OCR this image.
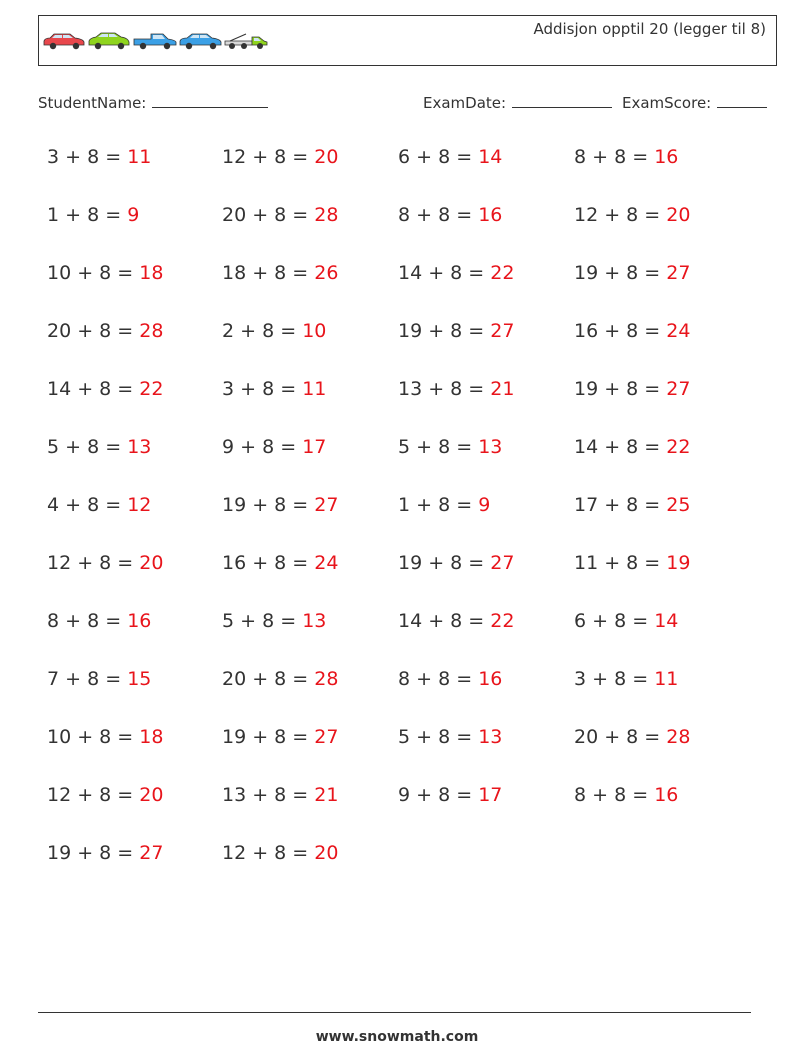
Addisjon opptil 20 (legger til 8)
StudentName:	ExamDate:	ExamScore:
3 + 8 = 11
1 + 8 = 9
10 + 8 = 18
20 + 8 = 28
14 + 8 = 22
5 + 8 = 13
4 + 8 = 12
12 + 8 = 20
8 + 8 = 16
7 + 8 = 15
10 + 8 = 18
12 + 8 = 20
19 + 8 = 27
12 + 8 = 20
20 + 8 = 28
18 + 8 = 26
2 + 8 = 10
3 + 8 = 11
9 + 8 = 17
19 + 8 = 27
16 + 8 = 24
5 + 8 = 13
20 + 8 = 28
19 + 8 = 27
13 + 8 = 21
12 + 8 = 20
6 + 8 = 14
8 + 8 = 16
14 + 8 = 22
19 + 8 = 27
13 + 8 = 21
5 + 8 = 13
1 + 8 = 9
19 + 8 = 27
14 + 8 = 22
8 + 8 = 16
5 + 8 = 13
9 + 8 = 17
8 + 8 = 16
12 + 8 = 20
19 + 8 = 27
16 + 8 = 24
19 + 8 = 27
14 + 8 = 22
17 + 8 = 25
11 + 8 = 19
6 + 8 = 14
3 + 8 = 11
20 + 8 = 28
8 + 8 = 16
www.snowmath.com
